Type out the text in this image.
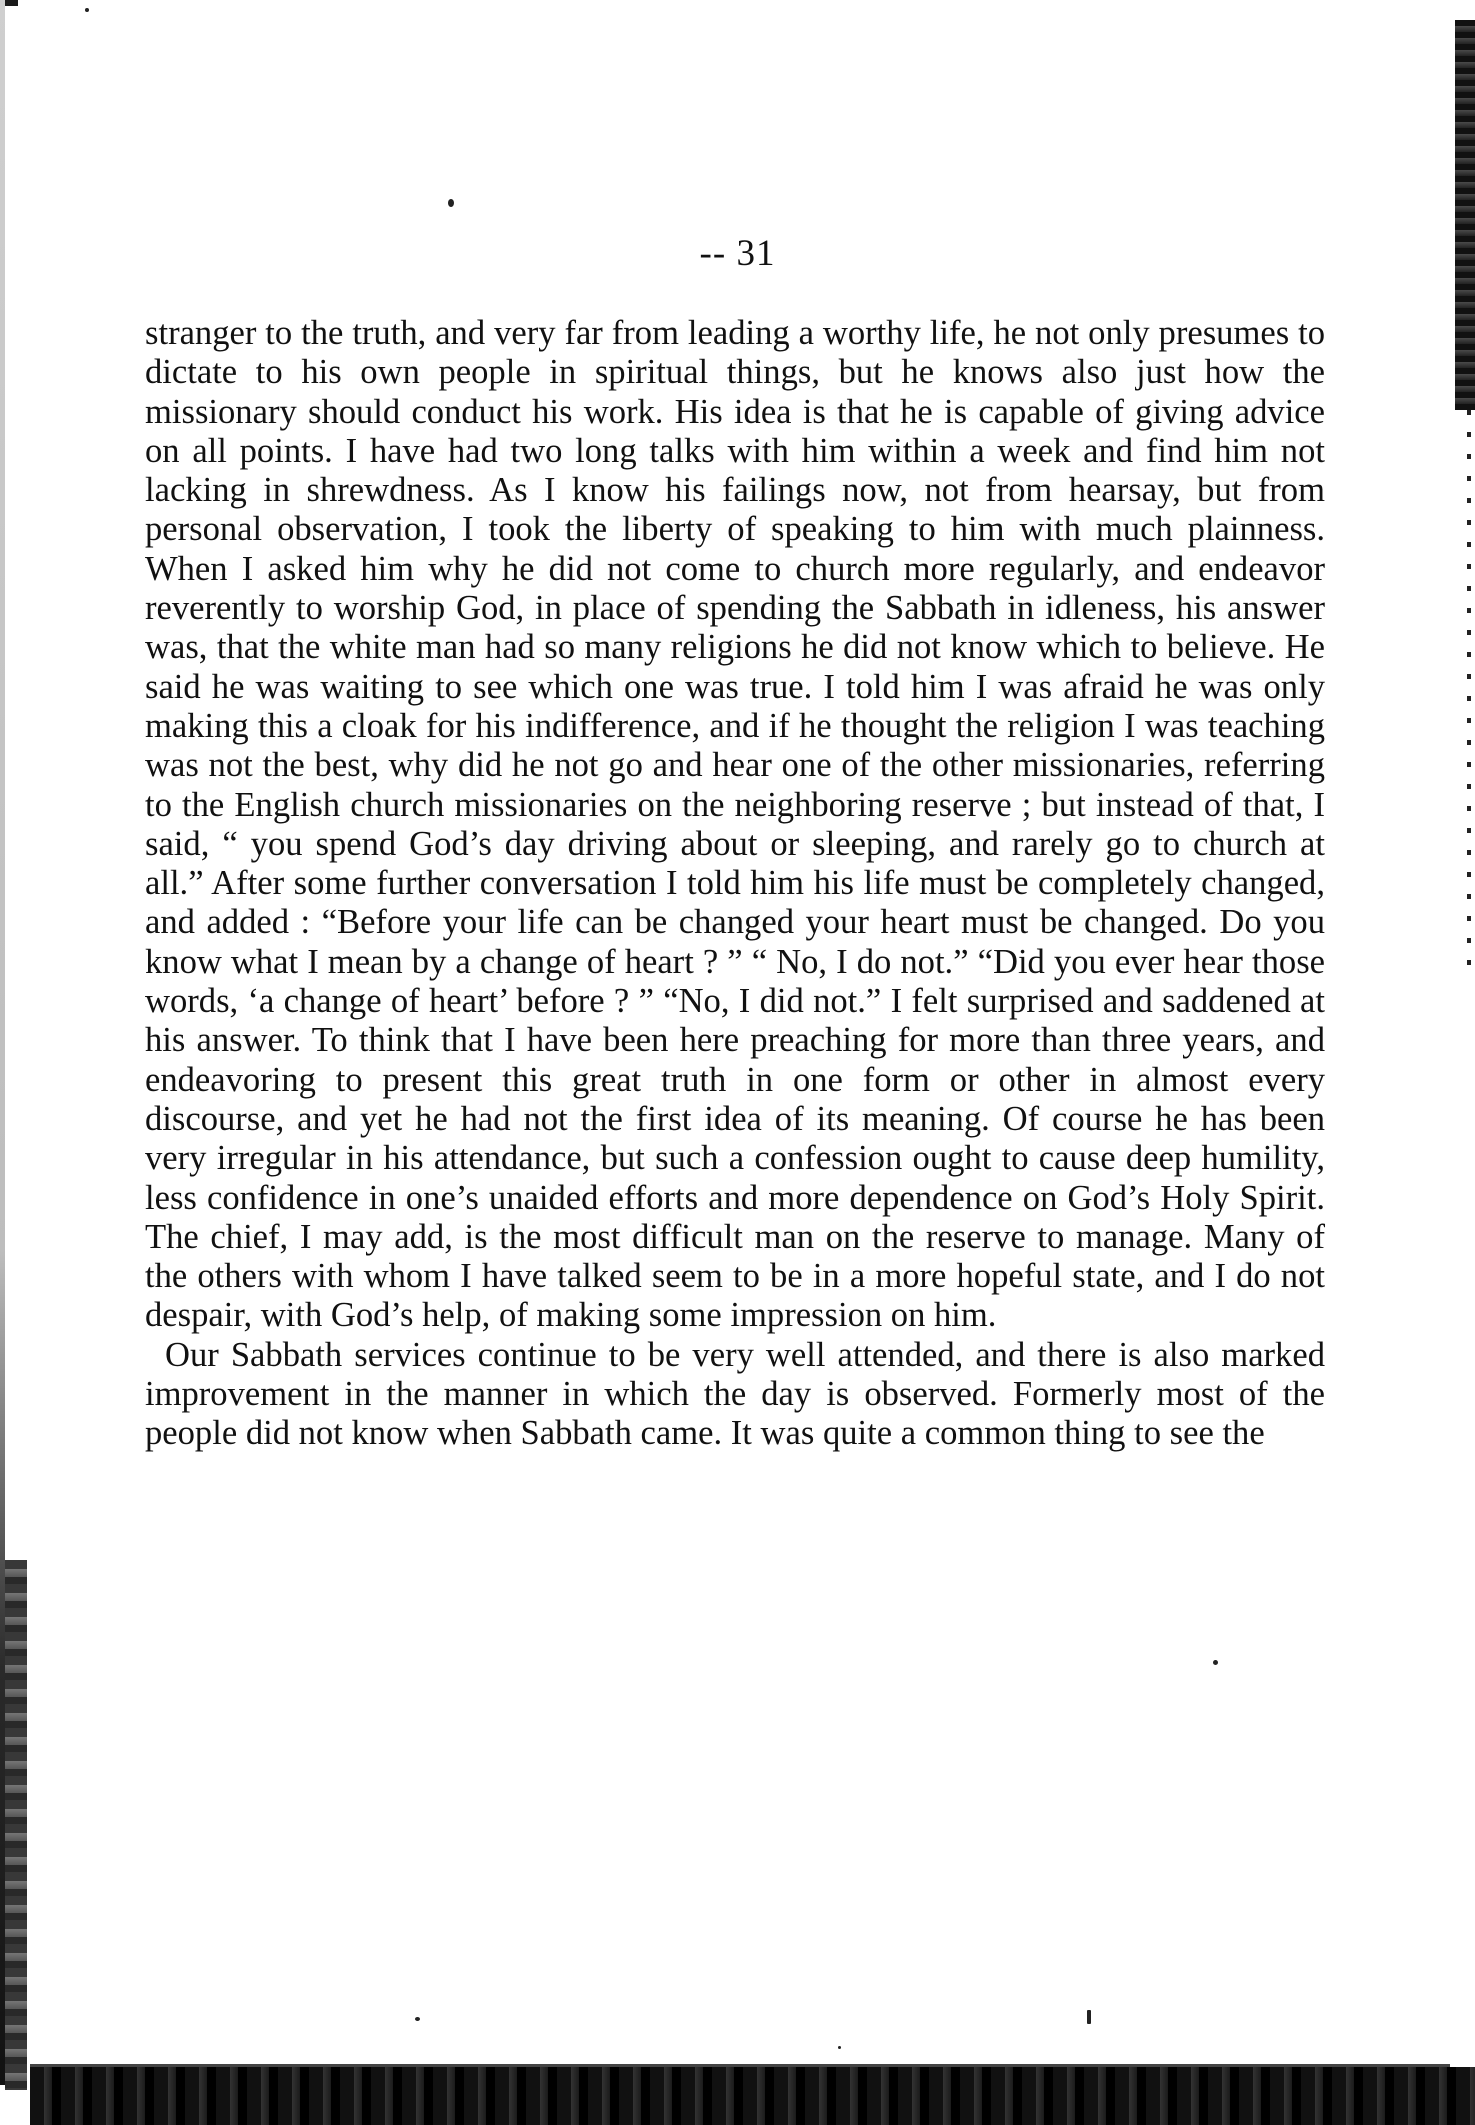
-- 31

stranger to the truth, and very far from leading a worthy life, he not only presumes to dictate to his own people in spiritual things, but he knows also just how the missionary should conduct his work. His idea is that he is capable of giving advice on all points. I have had two long talks with him within a week and find him not lacking in shrewdness. As I know his failings now, not from hearsay, but from personal observation, I took the liberty of speaking to him with much plainness. When I asked him why he did not come to church more regularly, and endeavor reverently to worship God, in place of spending the Sabbath in idleness, his answer was, that the white man had so many religions he did not know which to believe. He said he was waiting to see which one was true. I told him I was afraid he was only making this a cloak for his indifference, and if he thought the religion I was teaching was not the best, why did he not go and hear one of the other missionaries, referring to the English church missionaries on the neighboring reserve ; but instead of that, I said, “ you spend God’s day driving about or sleeping, and rarely go to church at all.” After some further conversation I told him his life must be completely changed, and added : “Before your life can be changed your heart must be changed. Do you know what I mean by a change of heart ? ” “ No, I do not.” “Did you ever hear those words, ‘a change of heart’ before ? ” “No, I did not.” I felt surprised and saddened at his answer. To think that I have been here preaching for more than three years, and endeavoring to present this great truth in one form or other in almost every discourse, and yet he had not the first idea of its meaning. Of course he has been very irregular in his attendance, but such a confession ought to cause deep humility, less confidence in one’s unaided efforts and more dependence on God’s Holy Spirit. The chief, I may add, is the most difficult man on the reserve to manage. Many of the others with whom I have talked seem to be in a more hopeful state, and I do not despair, with God’s help, of making some impression on him.

Our Sabbath services continue to be very well attended, and there is also marked improvement in the manner in which the day is observed. Formerly most of the people did not know when Sabbath came. It was quite a common thing to see the
